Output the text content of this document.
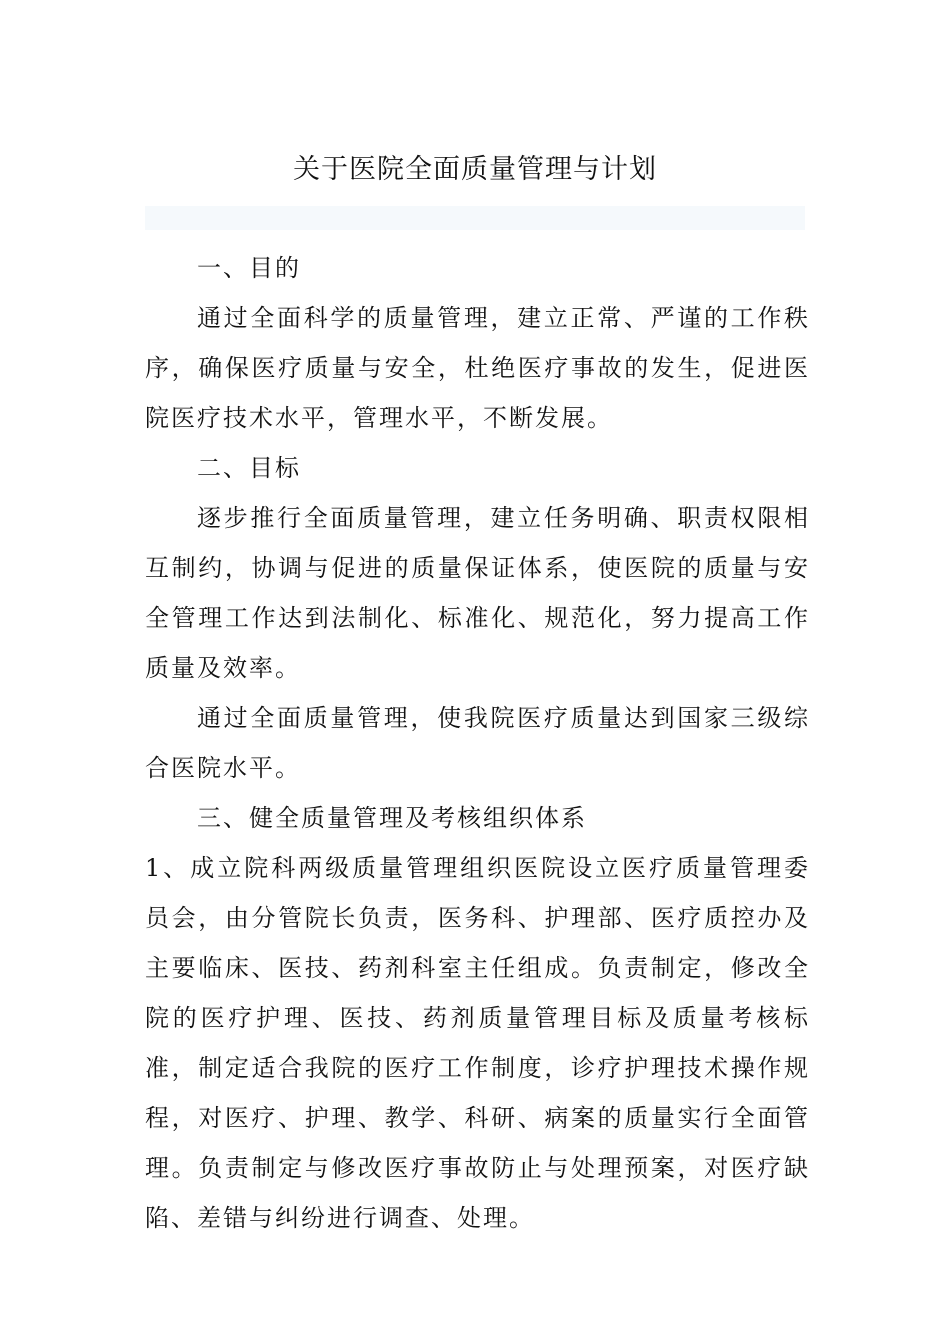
关于医院全面质量管理与计划

一、目的

通过全面科学的质量管理，建立正常、严谨的工作秩序，确保医疗质量与安全，杜绝医疗事故的发生，促进医院医疗技术水平，管理水平，不断发展。

二、目标

逐步推行全面质量管理，建立任务明确、职责权限相互制约，协调与促进的质量保证体系，使医院的质量与安全管理工作达到法制化、标准化、规范化，努力提高工作质量及效率。

通过全面质量管理，使我院医疗质量达到国家三级综合医院水平。

三、健全质量管理及考核组织体系

1、成立院科两级质量管理组织医院设立医疗质量管理委员会，由分管院长负责，医务科、护理部、医疗质控办及主要临床、医技、药剂科室主任组成。负责制定，修改全院的医疗护理、医技、药剂质量管理目标及质量考核标准，制定适合我院的医疗工作制度，诊疗护理技术操作规程，对医疗、护理、教学、科研、病案的质量实行全面管理。负责制定与修改医疗事故防止与处理预案，对医疗缺陷、差错与纠纷进行调查、处理。
